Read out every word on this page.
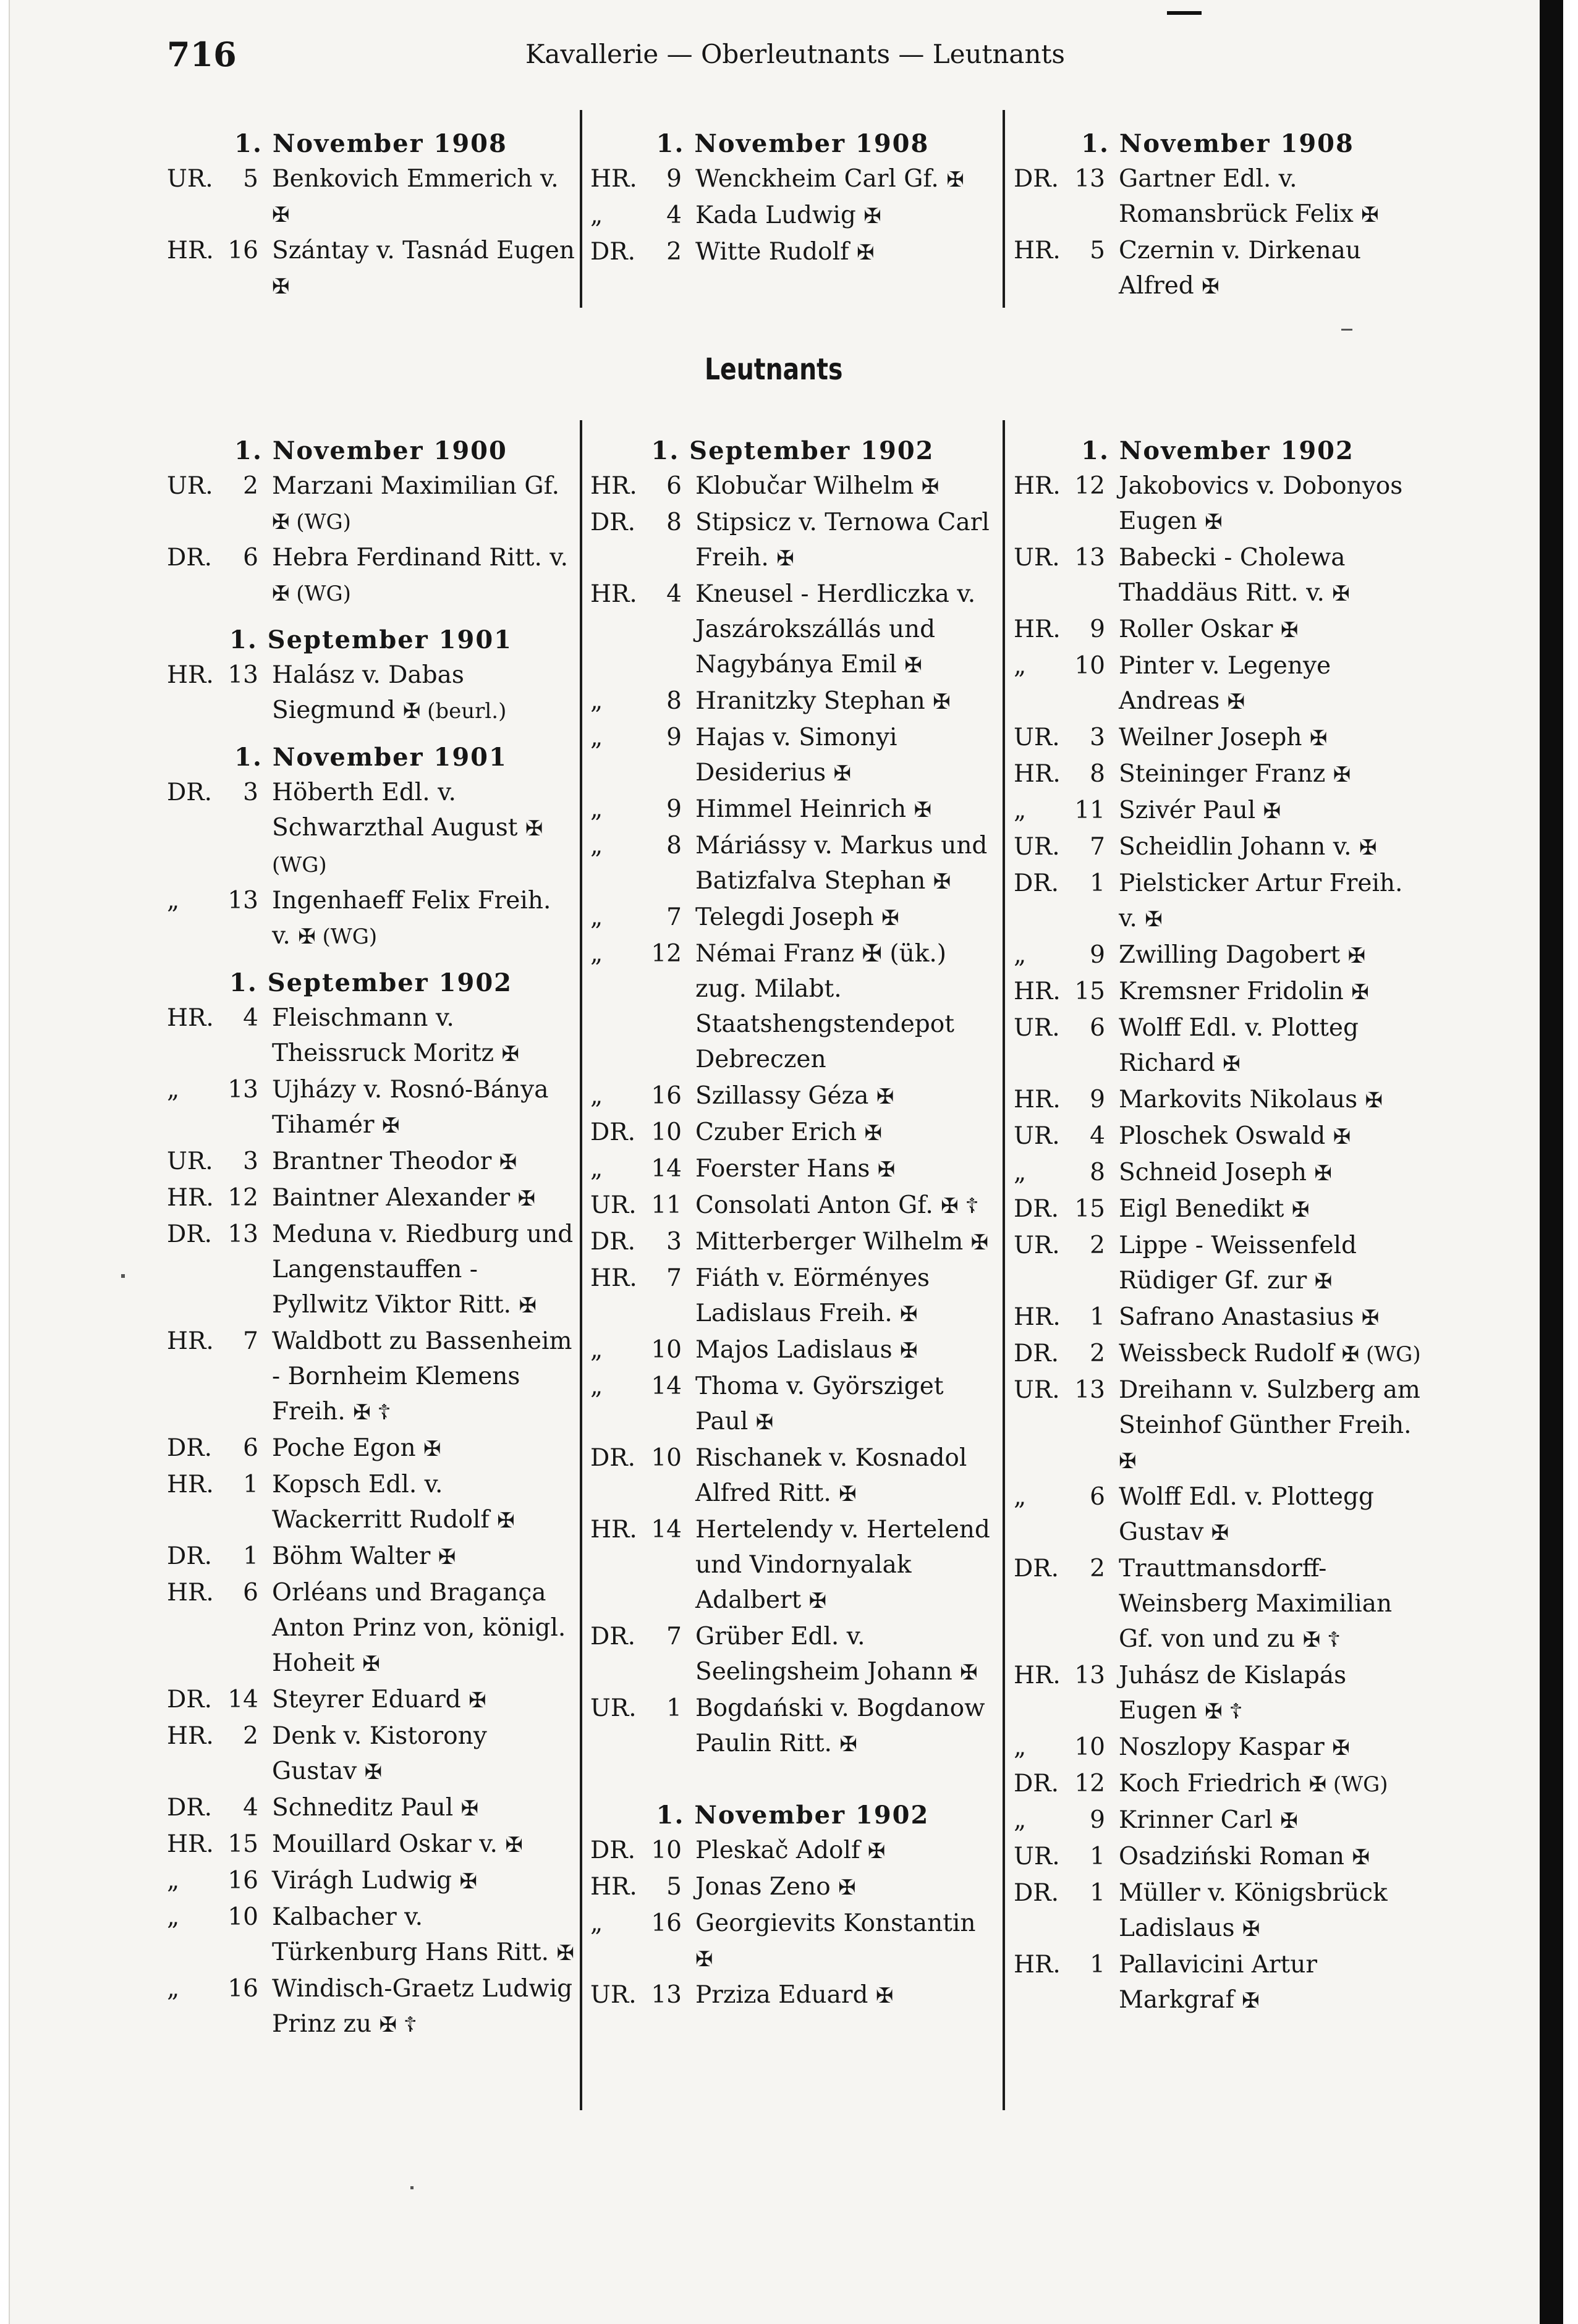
716	Kavallerie — Oberleutnants — Leutnants
1. November 1908
UR.	5 Benkovich Emmerich v. ✠
HR. 16 Szántay v. Tasnád Eugen ✠
1. November 1908
HR.	9 Wenckheim Carl Gf. ✠
„	4 Kada Ludwig ✠
DR.	2 Witte Rudolf ✠
1. November 1908
DR. 13 Gartner Edl. v. Romansbrück Felix ✠
HR.	5 Czernin v. Dirkenau Alfred ✠
Leutnants
1. November 1900
UR.	2 Marzani Maximilian Gf. ✠ (WG)
DR.	6 Hebra Ferdinand Ritt. v. ✠ (WG)
1. September 1901
HR. 13 Halász v. Dabas Siegmund ✠ (beurl.)
1. November 1901
DR.	3 Höberth Edl. v. Schwarzthal August ✠ (WG)
„	13 Ingenhaeff Felix Freih. v. ✠ (WG)
1. September 1902
HR.	4 Fleischmann v. Theissruck Moritz ✠
„	13 Ujházy v. Rosnó-Bánya Tihamér ✠
UR.	3 Brantner Theodor ✠
HR. 12 Baintner Alexander ✠
DR. 13 Meduna v. Riedburg und Langenstauffen - Pyllwitz Viktor Ritt. ✠
HR.	7 Waldbott zu Bassenheim - Bornheim Klemens Freih. ✠ ☦
DR.	6 Poche Egon ✠
HR.	1 Kopsch Edl. v. Wackerritt Rudolf ✠
DR.	1 Böhm Walter ✠
HR.	6 Orléans und Bragança Anton Prinz von, königl. Hoheit ✠
DR. 14 Steyrer Eduard ✠
HR.	2 Denk v. Kistorony Gustav ✠
DR.	4 Schneditz Paul ✠
HR. 15 Mouillard Oskar v. ✠
„	16 Virágh Ludwig ✠
„	10 Kalbacher v. Türkenburg Hans Ritt. ✠
„	16 Windisch-Graetz Ludwig Prinz zu ✠ ☦
1. September 1902
HR.	6 Klobučar Wilhelm ✠
DR.	8 Stipsicz v. Ternowa Carl Freih. ✠
HR.	4 Kneusel - Herdliczka v. Jaszárokszállás und Nagybánya Emil ✠
„	8 Hranitzky Stephan ✠
„	9 Hajas v. Simonyi Desiderius ✠
„	9 Himmel Heinrich ✠
„	8 Máriássy v. Markus und Batizfalva Stephan ✠
„	7 Telegdi Joseph ✠
„	12 Némai Franz ✠ (ük.) zug. Milabt. Staatshengstendepot Debreczen
„	16 Szillassy Géza ✠
DR. 10 Czuber Erich ✠
„	14 Foerster Hans ✠
UR. 11 Consolati Anton Gf. ✠ ☦
DR.	3 Mitterberger Wilhelm ✠
HR.	7 Fiáth v. Eörményes Ladislaus Freih. ✠
„	10 Majos Ladislaus ✠
„	14 Thoma v. Györsziget Paul ✠
DR. 10 Rischanek v. Kosnadol Alfred Ritt. ✠
HR. 14 Hertelendy v. Hertelend und Vindornyalak Adalbert ✠
DR.	7 Grüber Edl. v. Seelingsheim Johann ✠
UR.	1 Bogdański v. Bogdanow Paulin Ritt. ✠
1. November 1902
DR. 10 Pleskač Adolf ✠
HR.	5 Jonas Zeno ✠
„	16 Georgievits Konstantin ✠
UR. 13 Prziza Eduard ✠
1. November 1902
HR. 12 Jakobovics v. Dobonyos Eugen ✠
UR. 13 Babecki - Cholewa Thaddäus Ritt. v. ✠
HR.	9 Roller Oskar ✠
„	10 Pinter v. Legenye Andreas ✠
UR.	3 Weilner Joseph ✠
HR.	8 Steininger Franz ✠
„	11 Szivér Paul ✠
UR.	7 Scheidlin Johann v. ✠
DR.	1 Pielsticker Artur Freih. v. ✠
„	9 Zwilling Dagobert ✠
HR. 15 Kremsner Fridolin ✠
UR.	6 Wolff Edl. v. Plotteg Richard ✠
HR.	9 Markovits Nikolaus ✠
UR.	4 Ploschek Oswald ✠
„	8 Schneid Joseph ✠
DR. 15 Eigl Benedikt ✠
UR.	2 Lippe - Weissenfeld Rüdiger Gf. zur ✠
HR.	1 Safrano Anastasius ✠
DR.	2 Weissbeck Rudolf ✠ (WG)
UR. 13 Dreihann v. Sulzberg am Steinhof Günther Freih. ✠
„	6 Wolff Edl. v. Plottegg Gustav ✠
DR.	2 Trauttmansdorff-Weinsberg Maximilian Gf. von und zu ✠ ☦
HR. 13 Juhász de Kislapás Eugen ✠ ☦
„	10 Noszlopy Kaspar ✠
DR. 12 Koch Friedrich ✠ (WG)
„	9 Krinner Carl ✠
UR.	1 Osadziński Roman ✠
DR.	1 Müller v. Königsbrück Ladislaus ✠
HR.	1 Pallavicini Artur Markgraf ✠
